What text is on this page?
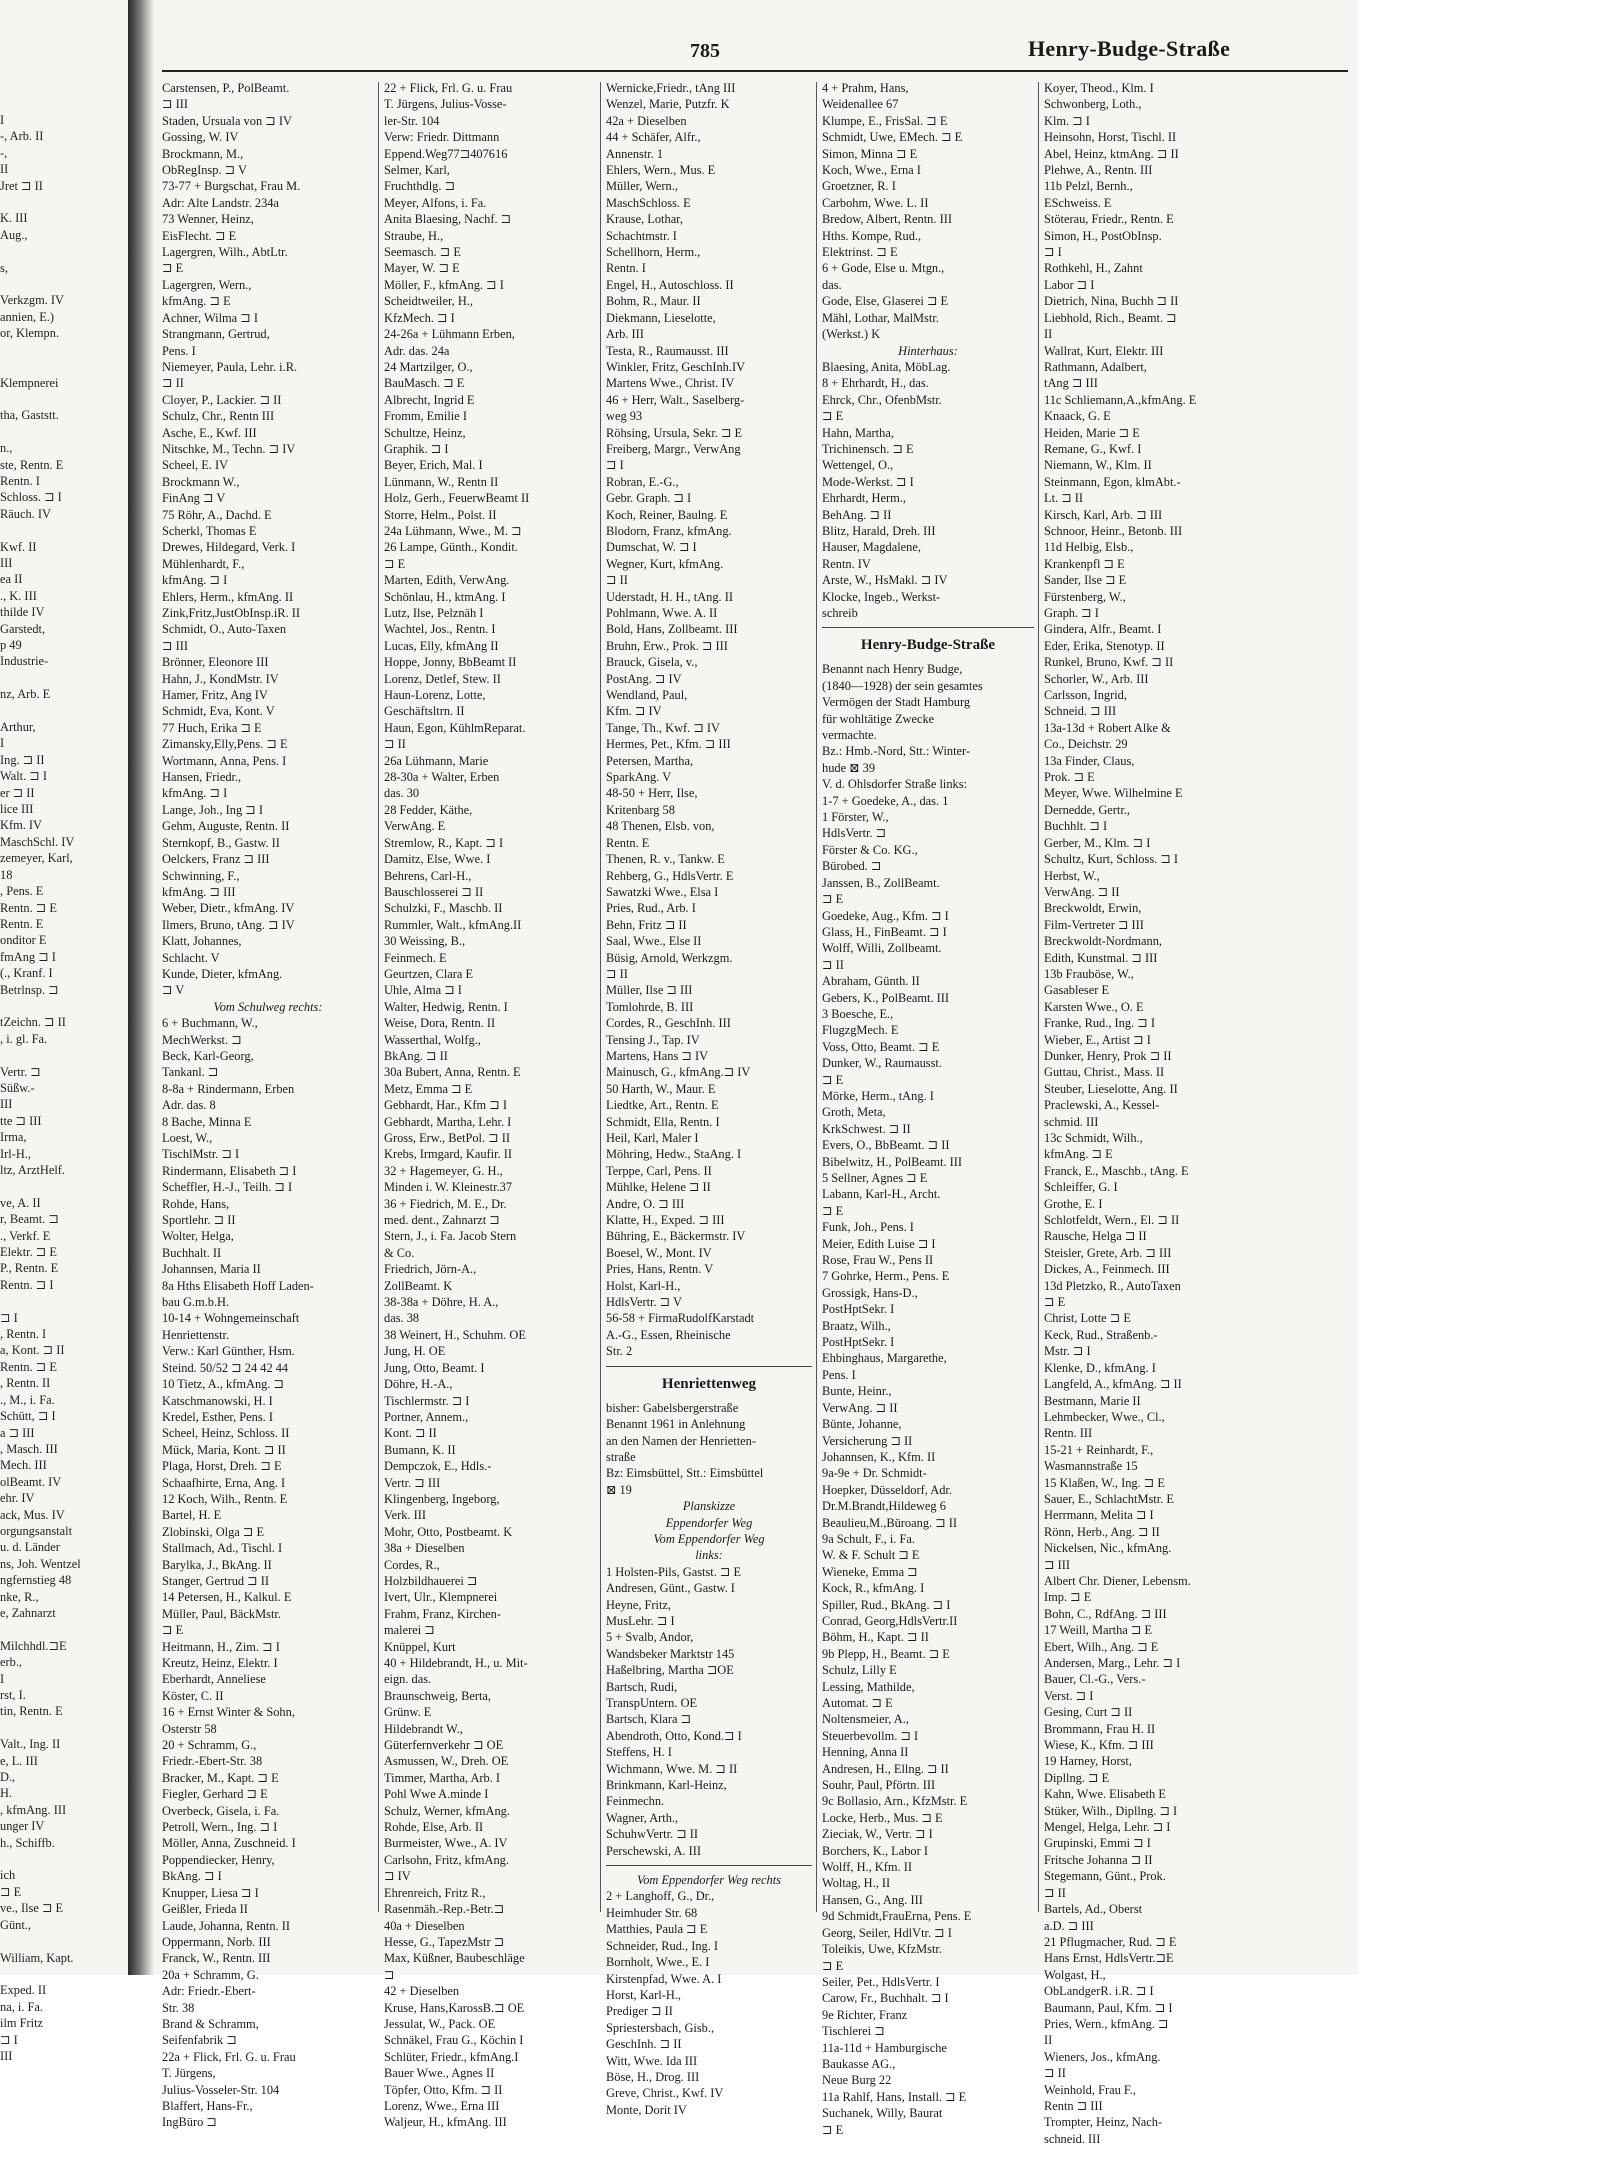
I
-, Arb. II
-,
II
Jret ⊐ II

K. III
Aug.,

s,

Verkzgm. IV
annien, E.)
or, Klempn.

Klempnerei

tha, Gaststt.

n.,
ste, Rentn. E
Rentn. I
Schloss. ⊐ I
Räuch. IV

Kwf. II
III
ea II
., K. III
thilde IV
Garstedt,
p 49
Industrie-

nz, Arb. E

Arthur,
I
Ing. ⊐ II
Walt. ⊐ I
er ⊐ II
lice III
Kfm. IV
MaschSchl. IV
zemeyer, Karl,
18
, Pens. E
Rentn. ⊐ E
Rentn. E
onditor E
fmAng ⊐ I
(., Kranf. I
Betrlnsp. ⊐

tZeichn. ⊐ II
, i. gl. Fa.

Vertr. ⊐
Süßw.-
III
tte ⊐ III
Irma,
Irl-H.,
ltz, ArztHelf.

ve, A. II
r, Beamt. ⊐
., Verkf. E
Elektr. ⊐ E
P., Rentn. E
Rentn. ⊐ I

⊐ I
, Rentn. I
a, Kont. ⊐ II
Rentn. ⊐ E
, Rentn. II
., M., i. Fa.
Schütt, ⊐ I
a ⊐ III
, Masch. III
Mech. III
olBeamt. IV
ehr. IV
ack, Mus. IV
orgungsanstalt
u. d. Länder
ns, Joh. Wentzel
ngfernstieg 48
nke, R.,
e, Zahnarzt

Milchhdl.⊐E
erb.,
I
rst, I.
tin, Rentn. E

Valt., Ing. II
e, L. III
D.,
H.
, kfmAng. III
unger IV
h., Schiffb.

ich
⊐ E
ve., Ilse ⊐ E
Günt.,

William, Kapt.

Exped. II
na, i. Fa.
ilm Fritz
⊐ I
III
785	Henry-Budge-Straße
Carstensen, P., PolBeamt.
⊐ III
Staden, Ursuala von ⊐ IV
Gossing, W. IV
Brockmann, M.,
ObRegInsp. ⊐ V
73-77 + Burgschat, Frau M.
Adr: Alte Landstr. 234a
73 Wenner, Heinz,
EisFlecht. ⊐ E
Lagergren, Wilh., AbtLtr.
⊐ E
Lagergren, Wern.,
kfmAng. ⊐ E
Achner, Wilma ⊐ I
Strangmann, Gertrud,
Pens. I
Niemeyer, Paula, Lehr. i.R.
⊐ II
Cloyer, P., Lackier. ⊐ II
Schulz, Chr., Rentn III
Asche, E., Kwf. III
Nitschke, M., Techn. ⊐ IV
Scheel, E. IV
Brockmann W.,
FinAng ⊐ V
75 Röhr, A., Dachd. E
Scherkl, Thomas E
Drewes, Hildegard, Verk. I
Mühlenhardt, F.,
kfmAng. ⊐ I
Ehlers, Herm., kfmAng. II
Zink,Fritz,JustObInsp.iR. II
Schmidt, O., Auto-Taxen
⊐ III
Brönner, Eleonore III
Hahn, J., KondMstr. IV
Hamer, Fritz, Ang IV
Schmidt, Eva, Kont. V
77 Huch, Erika ⊐ E
Zimansky,Elly,Pens. ⊐ E
Wortmann, Anna, Pens. I
Hansen, Friedr.,
kfmAng. ⊐ I
Lange, Joh., Ing ⊐ I
Gehm, Auguste, Rentn. II
Sternkopf, B., Gastw. II
Oelckers, Franz ⊐ III
Schwinning, F.,
kfmAng. ⊐ III
Weber, Dietr., kfmAng. IV
Ilmers, Bruno, tAng. ⊐ IV
Klatt, Johannes,
Schlacht. V
Kunde, Dieter, kfmAng.
⊐ V
Vom Schulweg rechts:
6 + Buchmann, W.,
MechWerkst. ⊐
Beck, Karl-Georg,
Tankanl. ⊐
8-8a + Rindermann, Erben
Adr. das. 8
8 Bache, Minna E
Loest, W.,
TischlMstr. ⊐ I
Rindermann, Elisabeth ⊐ I
Scheffler, H.-J., Teilh. ⊐ I
Rohde, Hans,
Sportlehr. ⊐ II
Wolter, Helga,
Buchhalt. II
Johannsen, Maria II
8a Hths Elisabeth Hoff Laden-
bau G.m.b.H.
10-14 + Wohngemeinschaft
Henriettenstr.
Verw.: Karl Günther, Hsm.
Steind. 50/52 ⊐ 24 42 44
10 Tietz, A., kfmAng. ⊐
Katschmanowski, H. I
Kredel, Esther, Pens. I
Scheel, Heinz, Schloss. II
Mück, Maria, Kont. ⊐ II
Plaga, Horst, Dreh. ⊐ E
Schaafhirte, Erna, Ang. I
12 Koch, Wilh., Rentn. E
Bartel, H. E
Zlobinski, Olga ⊐ E
Stallmach, Ad., Tischl. I
Barylka, J., BkAng. II
Stanger, Gertrud ⊐ II
14 Petersen, H., Kalkul. E
Müller, Paul, BäckMstr.
⊐ E
Heitmann, H., Zim. ⊐ I
Kreutz, Heinz, Elektr. I
Eberhardt, Anneliese
Köster, C. II
16 + Ernst Winter & Sohn,
Osterstr 58
20 + Schramm, G.,
Friedr.-Ebert-Str. 38
Bracker, M., Kapt. ⊐ E
Fiegler, Gerhard ⊐ E
Overbeck, Gisela, i. Fa.
Petroll, Wern., Ing. ⊐ I
Möller, Anna, Zuschneid. I
Poppendiecker, Henry,
BkAng. ⊐ I
Knupper, Liesa ⊐ I
Geißler, Frieda II
Laude, Johanna, Rentn. II
Oppermann, Norb. III
Franck, W., Rentn. III
20a + Schramm, G.
Adr: Friedr.-Ebert-
Str. 38
Brand & Schramm,
Seifenfabrik ⊐
22a + Flick, Frl. G. u. Frau
T. Jürgens,
Julius-Vosseler-Str. 104
Blaffert, Hans-Fr.,
IngBüro ⊐
22 + Flick, Frl. G. u. Frau
T. Jürgens, Julius-Vosse-
ler-Str. 104
Verw: Friedr. Dittmann
Eppend.Weg77⊐407616
Selmer, Karl,
Fruchthdlg. ⊐
Meyer, Alfons, i. Fa.
Anita Blaesing, Nachf. ⊐
Straube, H.,
Seemasch. ⊐ E
Mayer, W. ⊐ E
Möller, F., kfmAng. ⊐ I
Scheidtweiler, H.,
KfzMech. ⊐ I
24-26a + Lühmann Erben,
Adr. das. 24a
24 Martzilger, O.,
BauMasch. ⊐ E
Albrecht, Ingrid E
Fromm, Emilie I
Schultze, Heinz,
Graphik. ⊐ I
Beyer, Erich, Mal. I
Lünmann, W., Rentn II
Holz, Gerh., FeuerwBeamt II
Storre, Helm., Polst. II
24a Lühmann, Wwe., M. ⊐
26 Lampe, Günth., Kondit.
⊐ E
Marten, Edith, VerwAng.
Schönlau, H., ktmAng. I
Lutz, Ilse, Pelznäh I
Wachtel, Jos., Rentn. I
Lucas, Elly, kfmAng II
Hoppe, Jonny, BbBeamt II
Lorenz, Detlef, Stew. II
Haun-Lorenz, Lotte,
Geschäftsltrn. II
Haun, Egon, KühlmReparat.
⊐ II
26a Lühmann, Marie
28-30a + Walter, Erben
das. 30
28 Fedder, Käthe,
VerwAng. E
Stremlow, R., Kapt. ⊐ I
Damitz, Else, Wwe. I
Behrens, Carl-H.,
Bauschlosserei ⊐ II
Schulzki, F., Maschb. II
Rummler, Walt., kfmAng.II
30 Weissing, B.,
Feinmech. E
Geurtzen, Clara E
Uhle, Alma ⊐ I
Walter, Hedwig, Rentn. I
Weise, Dora, Rentn. II
Wasserthal, Wolfg.,
BkAng. ⊐ II
30a Bubert, Anna, Rentn. E
Metz, Emma ⊐ E
Gebhardt, Har., Kfm ⊐ I
Gebhardt, Martha, Lehr. I
Gross, Erw., BetPol. ⊐ II
Krebs, Irmgard, Kaufir. II
32 + Hagemeyer, G. H.,
Minden i. W. Kleinestr.37
36 + Fiedrich, M. E., Dr.
med. dent., Zahnarzt ⊐
Stern, J., i. Fa. Jacob Stern
& Co.
Friedrich, Jörn-A.,
ZollBeamt. K
38-38a + Döhre, H. A.,
das. 38
38 Weinert, H., Schuhm. OE
Jung, H. OE
Jung, Otto, Beamt. I
Döhre, H.-A.,
Tischlermstr. ⊐ I
Portner, Annem.,
Kont. ⊐ II
Bumann, K. II
Dempczok, E., Hdls.-
Vertr. ⊐ III
Klingenberg, Ingeborg,
Verk. III
Mohr, Otto, Postbeamt. K
38a + Dieselben
Cordes, R.,
Holzbildhauerei ⊐
Ivert, Ulr., Klempnerei
Frahm, Franz, Kirchen-
malerei ⊐
Knüppel, Kurt
40 + Hildebrandt, H., u. Mit-
eign. das.
Braunschweig, Berta,
Grünw. E
Hildebrandt W.,
Güterfernverkehr ⊐ OE
Asmussen, W., Dreh. OE
Timmer, Martha, Arb. I
Pohl Wwe A.minde I
Schulz, Werner, kfmAng.
Rohde, Else, Arb. II
Burmeister, Wwe., A. IV
Carlsohn, Fritz, kfmAng.
⊐ IV
Ehrenreich, Fritz R.,
Rasenmäh.-Rep.-Betr.⊐
40a + Dieselben
Hesse, G., TapezMstr ⊐
Max, Küßner, Baubeschläge
⊐
42 + Dieselben
Kruse, Hans,KarossB.⊐ OE
Jessulat, W., Pack. OE
Schnäkel, Frau G., Köchin I
Schlüter, Friedr., kfmAng.I
Bauer Wwe., Agnes II
Töpfer, Otto, Kfm. ⊐ II
Lorenz, Wwe., Erna III
Waljeur, H., kfmAng. III
Wernicke,Friedr., tAng III
Wenzel, Marie, Putzfr. K
42a + Dieselben
44 + Schäfer, Alfr.,
Annenstr. 1
Ehlers, Wern., Mus. E
Müller, Wern.,
MaschSchloss. E
Krause, Lothar,
Schachtmstr. I
Schellhorn, Herm.,
Rentn. I
Engel, H., Autoschloss. II
Bohm, R., Maur. II
Diekmann, Lieselotte,
Arb. III
Testa, R., Raumausst. III
Winkler, Fritz, GeschInh.IV
Martens Wwe., Christ. IV
46 + Herr, Walt., Saselberg-
weg 93
Röhsing, Ursula, Sekr. ⊐ E
Freiberg, Margr., VerwAng
⊐ I
Robran, E.-G.,
Gebr. Graph. ⊐ I
Koch, Reiner, Baulng. E
Blodorn, Franz, kfmAng.
Dumschat, W. ⊐ I
Wegner, Kurt, kfmAng.
⊐ II
Uderstadt, H. H., tAng. II
Pohlmann, Wwe. A. II
Bold, Hans, Zollbeamt. III
Bruhn, Erw., Prok. ⊐ III
Brauck, Gisela, v.,
PostAng. ⊐ IV
Wendland, Paul,
Kfm. ⊐ IV
Tange, Th., Kwf. ⊐ IV
Hermes, Pet., Kfm. ⊐ III
Petersen, Martha,
SparkAng. V
48-50 + Herr, Ilse,
Kritenbarg 58
48 Thenen, Elsb. von,
Rentn. E
Thenen, R. v., Tankw. E
Rehberg, G., HdlsVertr. E
Sawatzki Wwe., Elsa I
Pries, Rud., Arb. I
Behn, Fritz ⊐ II
Saal, Wwe., Else II
Büsig, Arnold, Werkzgm.
⊐ II
Müller, Ilse ⊐ III
Tomlohrde, B. III
Cordes, R., GeschInh. III
Tensing J., Tap. IV
Martens, Hans ⊐ IV
Mainusch, G., kfmAng.⊐ IV
50 Harth, W., Maur. E
Liedtke, Art., Rentn. E
Schmidt, Ella, Rentn. I
Heil, Karl, Maler I
Möhring, Hedw., StaAng. I
Terppe, Carl, Pens. II
Mühlke, Helene ⊐ II
Andre, O. ⊐ III
Klatte, H., Exped. ⊐ III
Bühring, E., Bäckermstr. IV
Boesel, W., Mont. IV
Pries, Hans, Rentn. V
Holst, Karl-H.,
HdlsVertr. ⊐ V
56-58 + FirmaRudolfKarstadt
A.-G., Essen, Rheinische
Str. 2
Henriettenweg
bisher: Gabelsbergerstraße
Benannt 1961 in Anlehnung
an den Namen der Henrietten-
straße
Bz: Eimsbüttel, Stt.: Eimsbüttel
⊠ 19
Planskizze
Eppendorfer Weg
Vom Eppendorfer Weg
links:
1 Holsten-Pils, Gastst. ⊐ E
Andresen, Günt., Gastw. I
Heyne, Fritz,
MusLehr. ⊐ I
5 + Svalb, Andor,
Wandsbeker Marktstr 145
Haßelbring, Martha ⊐OE
Bartsch, Rudi,
TranspUntern. OE
Bartsch, Klara ⊐
Abendroth, Otto, Kond.⊐ I
Steffens, H. I
Wichmann, Wwe. M. ⊐ II
Brinkmann, Karl-Heinz,
Feinmechn.
Wagner, Arth.,
SchuhwVertr. ⊐ II
Perschewski, A. III
Vom Eppendorfer Weg rechts
2 + Langhoff, G., Dr.,
Heimhuder Str. 68
Matthies, Paula ⊐ E
Schneider, Rud., Ing. I
Bornholt, Wwe., E. I
Kirstenpfad, Wwe. A. I
Horst, Karl-H.,
Prediger ⊐ II
Spriestersbach, Gisb.,
GeschInh. ⊐ II
Witt, Wwe. Ida III
Böse, H., Drog. III
Greve, Christ., Kwf. IV
Monte, Dorit IV
4 + Prahm, Hans,
Weidenallee 67
Klumpe, E., FrisSal. ⊐ E
Schmidt, Uwe, EMech. ⊐ E
Simon, Minna ⊐ E
Koch, Wwe., Erna I
Groetzner, R. I
Carbohm, Wwe. L. II
Bredow, Albert, Rentn. III
Hths. Kompe, Rud.,
Elektrinst. ⊐ E
6 + Gode, Else u. Mtgn.,
das.
Gode, Else, Glaserei ⊐ E
Mähl, Lothar, MalMstr.
(Werkst.) K
Hinterhaus:
Blaesing, Anita, MöbLag.
8 + Ehrhardt, H., das.
Ehrck, Chr., OfenbMstr.
⊐ E
Hahn, Martha,
Trichinensch. ⊐ E
Wettengel, O.,
Mode-Werkst. ⊐ I
Ehrhardt, Herm.,
BehAng. ⊐ II
Blitz, Harald, Dreh. III
Hauser, Magdalene,
Rentn. IV
Arste, W., HsMakl. ⊐ IV
Klocke, Ingeb., Werkst-
schreib
Henry-Budge-Straße
Benannt nach Henry Budge,
(1840—1928) der sein gesamtes
Vermögen der Stadt Hamburg
für wohltätige Zwecke
vermachte.
Bz.: Hmb.-Nord, Stt.: Winter-
hude ⊠ 39
V. d. Ohlsdorfer Straße links:
1-7 + Goedeke, A., das. 1
1 Förster, W.,
HdlsVertr. ⊐
Förster & Co. KG.,
Bürobed. ⊐
Janssen, B., ZollBeamt.
⊐ E
Goedeke, Aug., Kfm. ⊐ I
Glass, H., FinBeamt. ⊐ I
Wolff, Willi, Zollbeamt.
⊐ II
Abraham, Günth. II
Gebers, K., PolBeamt. III
3 Boesche, E.,
FlugzgMech. E
Voss, Otto, Beamt. ⊐ E
Dunker, W., Raumausst.
⊐ E
Mörke, Herm., tAng. I
Groth, Meta,
KrkSchwest. ⊐ II
Evers, O., BbBeamt. ⊐ II
Bibelwitz, H., PolBeamt. III
5 Sellner, Agnes ⊐ E
Labann, Karl-H., Archt.
⊐ E
Funk, Joh., Pens. I
Meier, Edith Luise ⊐ I
Rose, Frau W., Pens II
7 Gohrke, Herm., Pens. E
Grossigk, Hans-D.,
PostHptSekr. I
Braatz, Wilh.,
PostHptSekr. I
Ehbinghaus, Margarethe,
Pens. I
Bunte, Heinr.,
VerwAng. ⊐ II
Bünte, Johanne,
Versicherung ⊐ II
Johannsen, K., Kfm. II
9a-9e + Dr. Schmidt-
Hoepker, Düsseldorf, Adr.
Dr.M.Brandt,Hildeweg 6
Beaulieu,M.,Büroang. ⊐ II
9a Schult, F., i. Fa.
W. & F. Schult ⊐ E
Wieneke, Emma ⊐
Kock, R., kfmAng. I
Spiller, Rud., BkAng. ⊐ I
Conrad, Georg,HdlsVertr.II
Böhm, H., Kapt. ⊐ II
9b Plepp, H., Beamt. ⊐ E
Schulz, Lilly E
Lessing, Mathilde,
Automat. ⊐ E
Noltensmeier, A.,
Steuerbevollm. ⊐ I
Henning, Anna II
Andresen, H., Ellng. ⊐ II
Souhr, Paul, Pförtn. III
9c Bollasio, Arn., KfzMstr. E
Locke, Herb., Mus. ⊐ E
Zieciak, W., Vertr. ⊐ I
Borchers, K., Labor I
Wolff, H., Kfm. II
Woltag, H., II
Hansen, G., Ang. III
9d Schmidt,FrauErna, Pens. E
Georg, Seiler, HdlVtr. ⊐ I
Toleikis, Uwe, KfzMstr.
⊐ E
Seiler, Pet., HdlsVertr. I
Carow, Fr., Buchhalt. ⊐ I
9e Richter, Franz
Tischlerei ⊐
11a-11d + Hamburgische
Baukasse AG.,
Neue Burg 22
11a Rahlf, Hans, Install. ⊐ E
Suchanek, Willy, Baurat
⊐ E
Koyer, Theod., Klm. I
Schwonberg, Loth.,
Klm. ⊐ I
Heinsohn, Horst, Tischl. II
Abel, Heinz, ktmAng. ⊐ II
Plehwe, A., Rentn. III
11b Pelzl, Bernh.,
ESchweiss. E
Stöterau, Friedr., Rentn. E
Simon, H., PostObInsp.
⊐ I
Rothkehl, H., Zahnt
Labor ⊐ I
Dietrich, Nina, Buchh ⊐ II
Liebhold, Rich., Beamt. ⊐
II
Wallrat, Kurt, Elektr. III
Rathmann, Adalbert,
tAng ⊐ III
11c Schliemann,A.,kfmAng. E
Knaack, G. E
Heiden, Marie ⊐ E
Remane, G., Kwf. I
Niemann, W., Klm. II
Steinmann, Egon, klmAbt.-
Lt. ⊐ II
Kirsch, Karl, Arb. ⊐ III
Schnoor, Heinr., Betonb. III
11d Helbig, Elsb.,
Krankenpfl ⊐ E
Sander, Ilse ⊐ E
Fürstenberg, W.,
Graph. ⊐ I
Gindera, Alfr., Beamt. I
Eder, Erika, Stenotyp. II
Runkel, Bruno, Kwf. ⊐ II
Schorler, W., Arb. III
Carlsson, Ingrid,
Schneid. ⊐ III
13a-13d + Robert Alke &
Co., Deichstr. 29
13a Finder, Claus,
Prok. ⊐ E
Meyer, Wwe. Wilhelmine E
Dernedde, Gertr.,
Buchhlt. ⊐ I
Gerber, M., Klm. ⊐ I
Schultz, Kurt, Schloss. ⊐ I
Herbst, W.,
VerwAng. ⊐ II
Breckwoldt, Erwin,
Film-Vertreter ⊐ III
Breckwoldt-Nordmann,
Edith, Kunstmal. ⊐ III
13b Frauböse, W.,
Gasableser E
Karsten Wwe., O. E
Franke, Rud., Ing. ⊐ I
Wieber, E., Artist ⊐ I
Dunker, Henry, Prok ⊐ II
Guttau, Christ., Mass. II
Steuber, Lieselotte, Ang. II
Praclewski, A., Kessel-
schmid. III
13c Schmidt, Wilh.,
kfmAng. ⊐ E
Franck, E., Maschb., tAng. E
Schleiffer, G. I
Grothe, E. I
Schlotfeldt, Wern., El. ⊐ II
Rausche, Helga ⊐ II
Steisler, Grete, Arb. ⊐ III
Dickes, A., Feinmech. III
13d Pletzko, R., AutoTaxen
⊐ E
Christ, Lotte ⊐ E
Keck, Rud., Straßenb.-
Mstr. ⊐ I
Klenke, D., kfmAng. I
Langfeld, A., kfmAng. ⊐ II
Bestmann, Marie II
Lehmbecker, Wwe., Cl.,
Rentn. III
15-21 + Reinhardt, F.,
Wasmannstraße 15
15 Klaßen, W., Ing. ⊐ E
Sauer, E., SchlachtMstr. E
Herrmann, Melita ⊐ I
Rönn, Herb., Ang. ⊐ II
Nickelsen, Nic., kfmAng.
⊐ III
Albert Chr. Diener, Lebensm.
Imp. ⊐ E
Bohn, C., RdfAng. ⊐ III
17 Weill, Martha ⊐ E
Ebert, Wilh., Ang. ⊐ E
Andersen, Marg., Lehr. ⊐ I
Bauer, Cl.-G., Vers.-
Verst. ⊐ I
Gesing, Curt ⊐ II
Brommann, Frau H. II
Wiese, K., Kfm. ⊐ III
19 Harney, Horst,
Dipllng. ⊐ E
Kahn, Wwe. Elisabeth E
Stüker, Wilh., Dipllng. ⊐ I
Mengel, Helga, Lehr. ⊐ I
Grupinski, Emmi ⊐ I
Fritsche Johanna ⊐ II
Stegemann, Günt., Prok.
⊐ II
Bartels, Ad., Oberst
a.D. ⊐ III
21 Pflugmacher, Rud. ⊐ E
Hans Ernst, HdlsVertr.⊐E
Wolgast, H.,
ObLandgerR. i.R. ⊐ I
Baumann, Paul, Kfm. ⊐ I
Pries, Wern., kfmAng. ⊐
II
Wieners, Jos., kfmAng.
⊐ II
Weinhold, Frau F.,
Rentn ⊐ III
Trompter, Heinz, Nach-
schneid. III
